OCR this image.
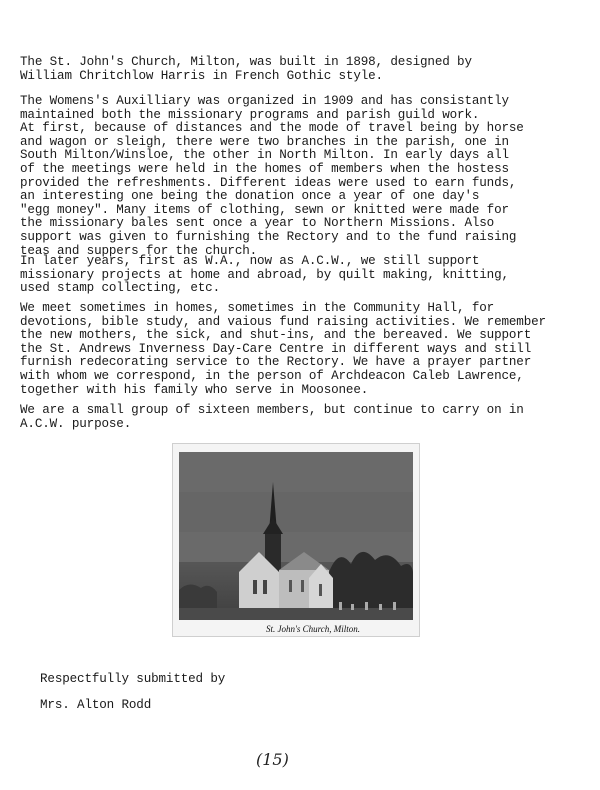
The St. John's Church, Milton, was built in 1898, designed by
William Chritchlow Harris in French Gothic style.

The Womens's Auxilliary was organized in 1909 and has consistantly
maintained both the missionary programs and parish guild work.
At first, because of distances and the mode of travel being by horse
and wagon or sleigh, there were two branches in the parish, one in
South Milton/Winsloe, the other in North Milton. In early days all
of the meetings were held in the homes of members when the hostess
provided the refreshments. Different ideas were used to earn funds,
an interesting one being the donation once a year of one day's
"egg money". Many items of clothing, sewn or knitted were made for
the missionary bales sent once a year to Northern Missions. Also
support was given to furnishing the Rectory and to the fund raising
teas and suppers for the church.

In later years, first as W.A., now as A.C.W., we still support
missionary projects at home and abroad, by quilt making, knitting,
used stamp collecting, etc.

We meet sometimes in homes, sometimes in the Community Hall, for
devotions, bible study, and vaious fund raising activities. We remember
the new mothers, the sick, and shut-ins, and the bereaved. We support
the St. Andrews Inverness Day-Care Centre in different ways and still
furnish redecorating service to the Rectory. We have a prayer partner
with whom we correspond, in the person of Archdeacon Caleb Lawrence,
together with his family who serve in Moosonee.

We are a small group of sixteen members, but continue to carry on in
A.C.W. purpose.

St. John's Church, Milton.

Respectfully submitted by

Mrs. Alton Rodd

(15)
